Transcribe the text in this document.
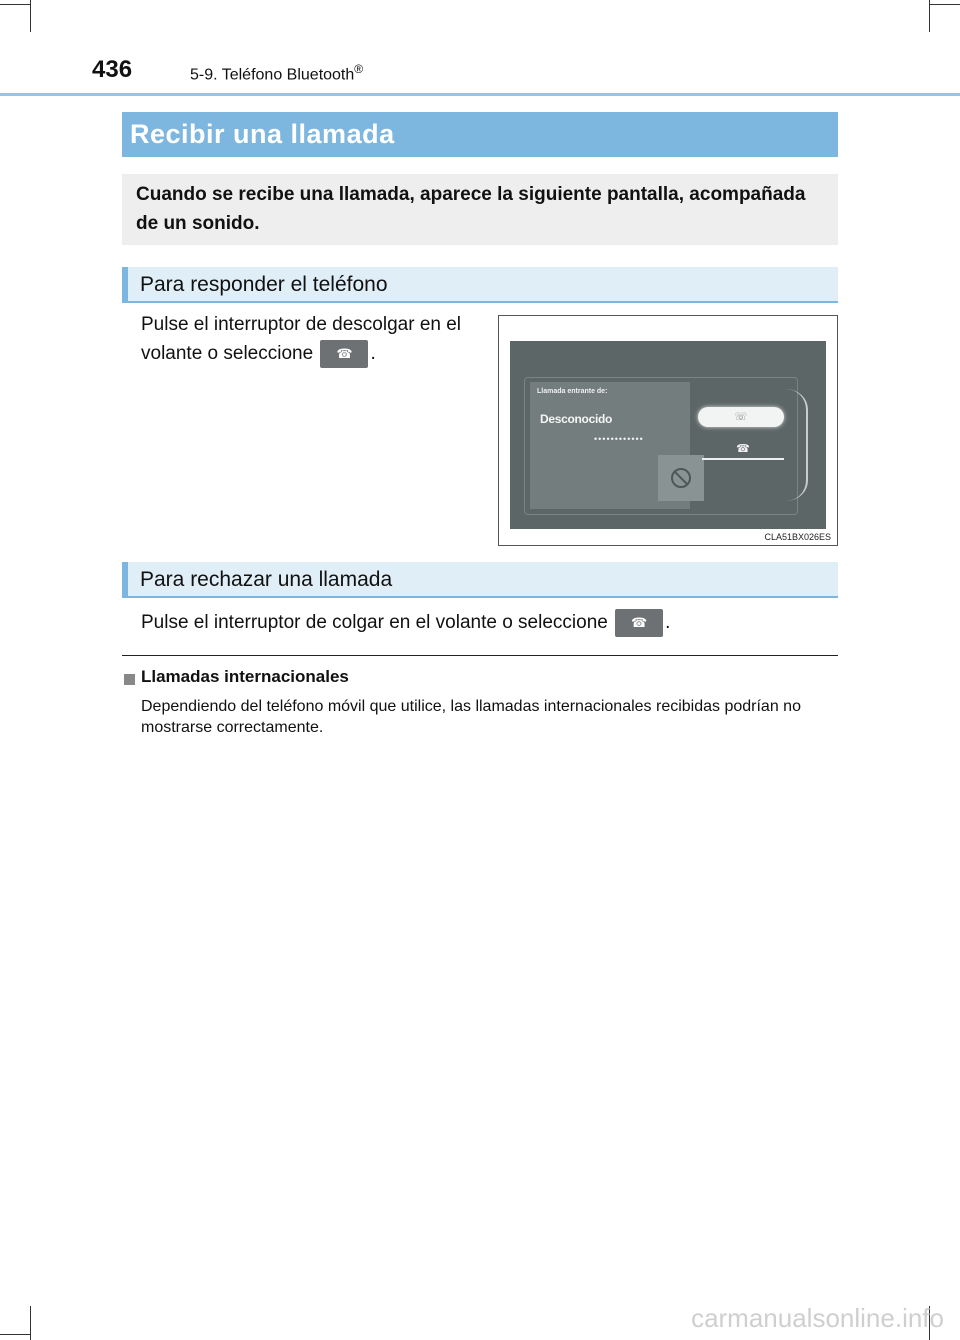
436	5-9. Teléfono Bluetooth®
Recibir una llamada
Cuando se recibe una llamada, aparece la siguiente pantalla, acompañada de un sonido.
Para responder el teléfono
Pulse el interruptor de descolgar en el volante o seleccione	☎ .
Llamada entrante de:
Desconocido
••••••••••••
☏
☎
CLA51BX026ES
Para rechazar una llamada
Pulse el interruptor de colgar en el volante o seleccione	☎ .
Llamadas internacionales
Dependiendo del teléfono móvil que utilice, las llamadas internacionales recibidas podrían no mostrarse correctamente.
carmanualsonline.info
